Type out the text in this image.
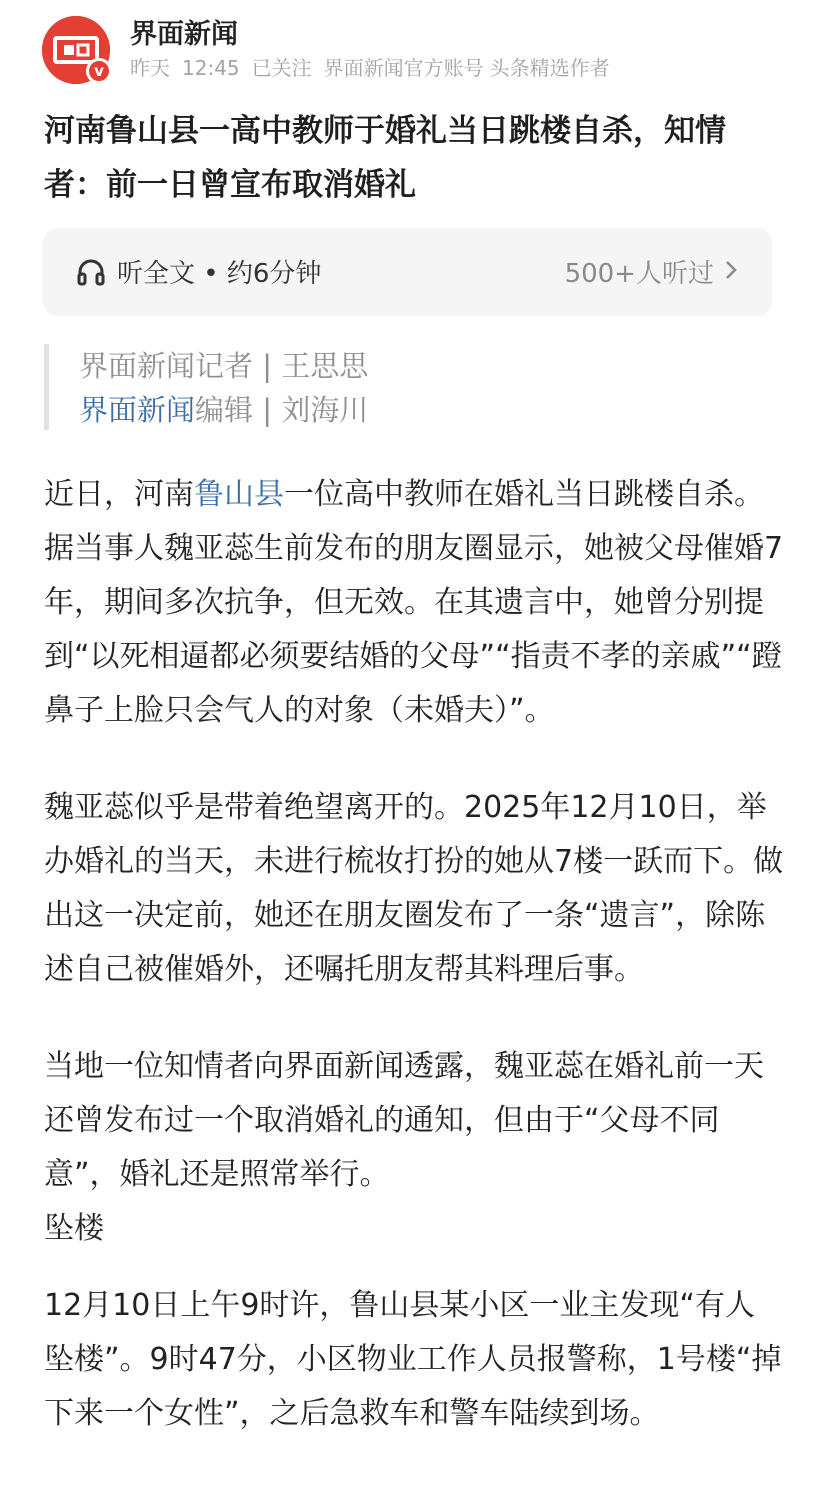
v
界面新闻
昨天 12:45 已关注 界面新闻官方账号 头条精选作者
河南鲁山县一高中教师于婚礼当日跳楼自杀，知情者：前一日曾宣布取消婚礼
听全文 • 约6分钟	500+人听过
界面新闻记者 | 王思思
界面新闻编辑 | 刘海川
近日，河南鲁山县一位高中教师在婚礼当日跳楼自杀。据当事人魏亚蕊生前发布的朋友圈显示，她被父母催婚7年，期间多次抗争，但无效。在其遗言中，她曾分别提到“以死相逼都必须要结婚的父母”“指责不孝的亲戚”“蹬鼻子上脸只会气人的对象（未婚夫）”。
魏亚蕊似乎是带着绝望离开的。2025年12月10日，举办婚礼的当天，未进行梳妆打扮的她从7楼一跃而下。做出这一决定前，她还在朋友圈发布了一条“遗言”，除陈述自己被催婚外，还嘱托朋友帮其料理后事。
当地一位知情者向界面新闻透露，魏亚蕊在婚礼前一天还曾发布过一个取消婚礼的通知，但由于“父母不同意”，婚礼还是照常举行。
坠楼
12月10日上午9时许，鲁山县某小区一业主发现“有人坠楼”。9时47分，小区物业工作人员报警称，1号楼“掉下来一个女性”，之后急救车和警车陆续到场。
